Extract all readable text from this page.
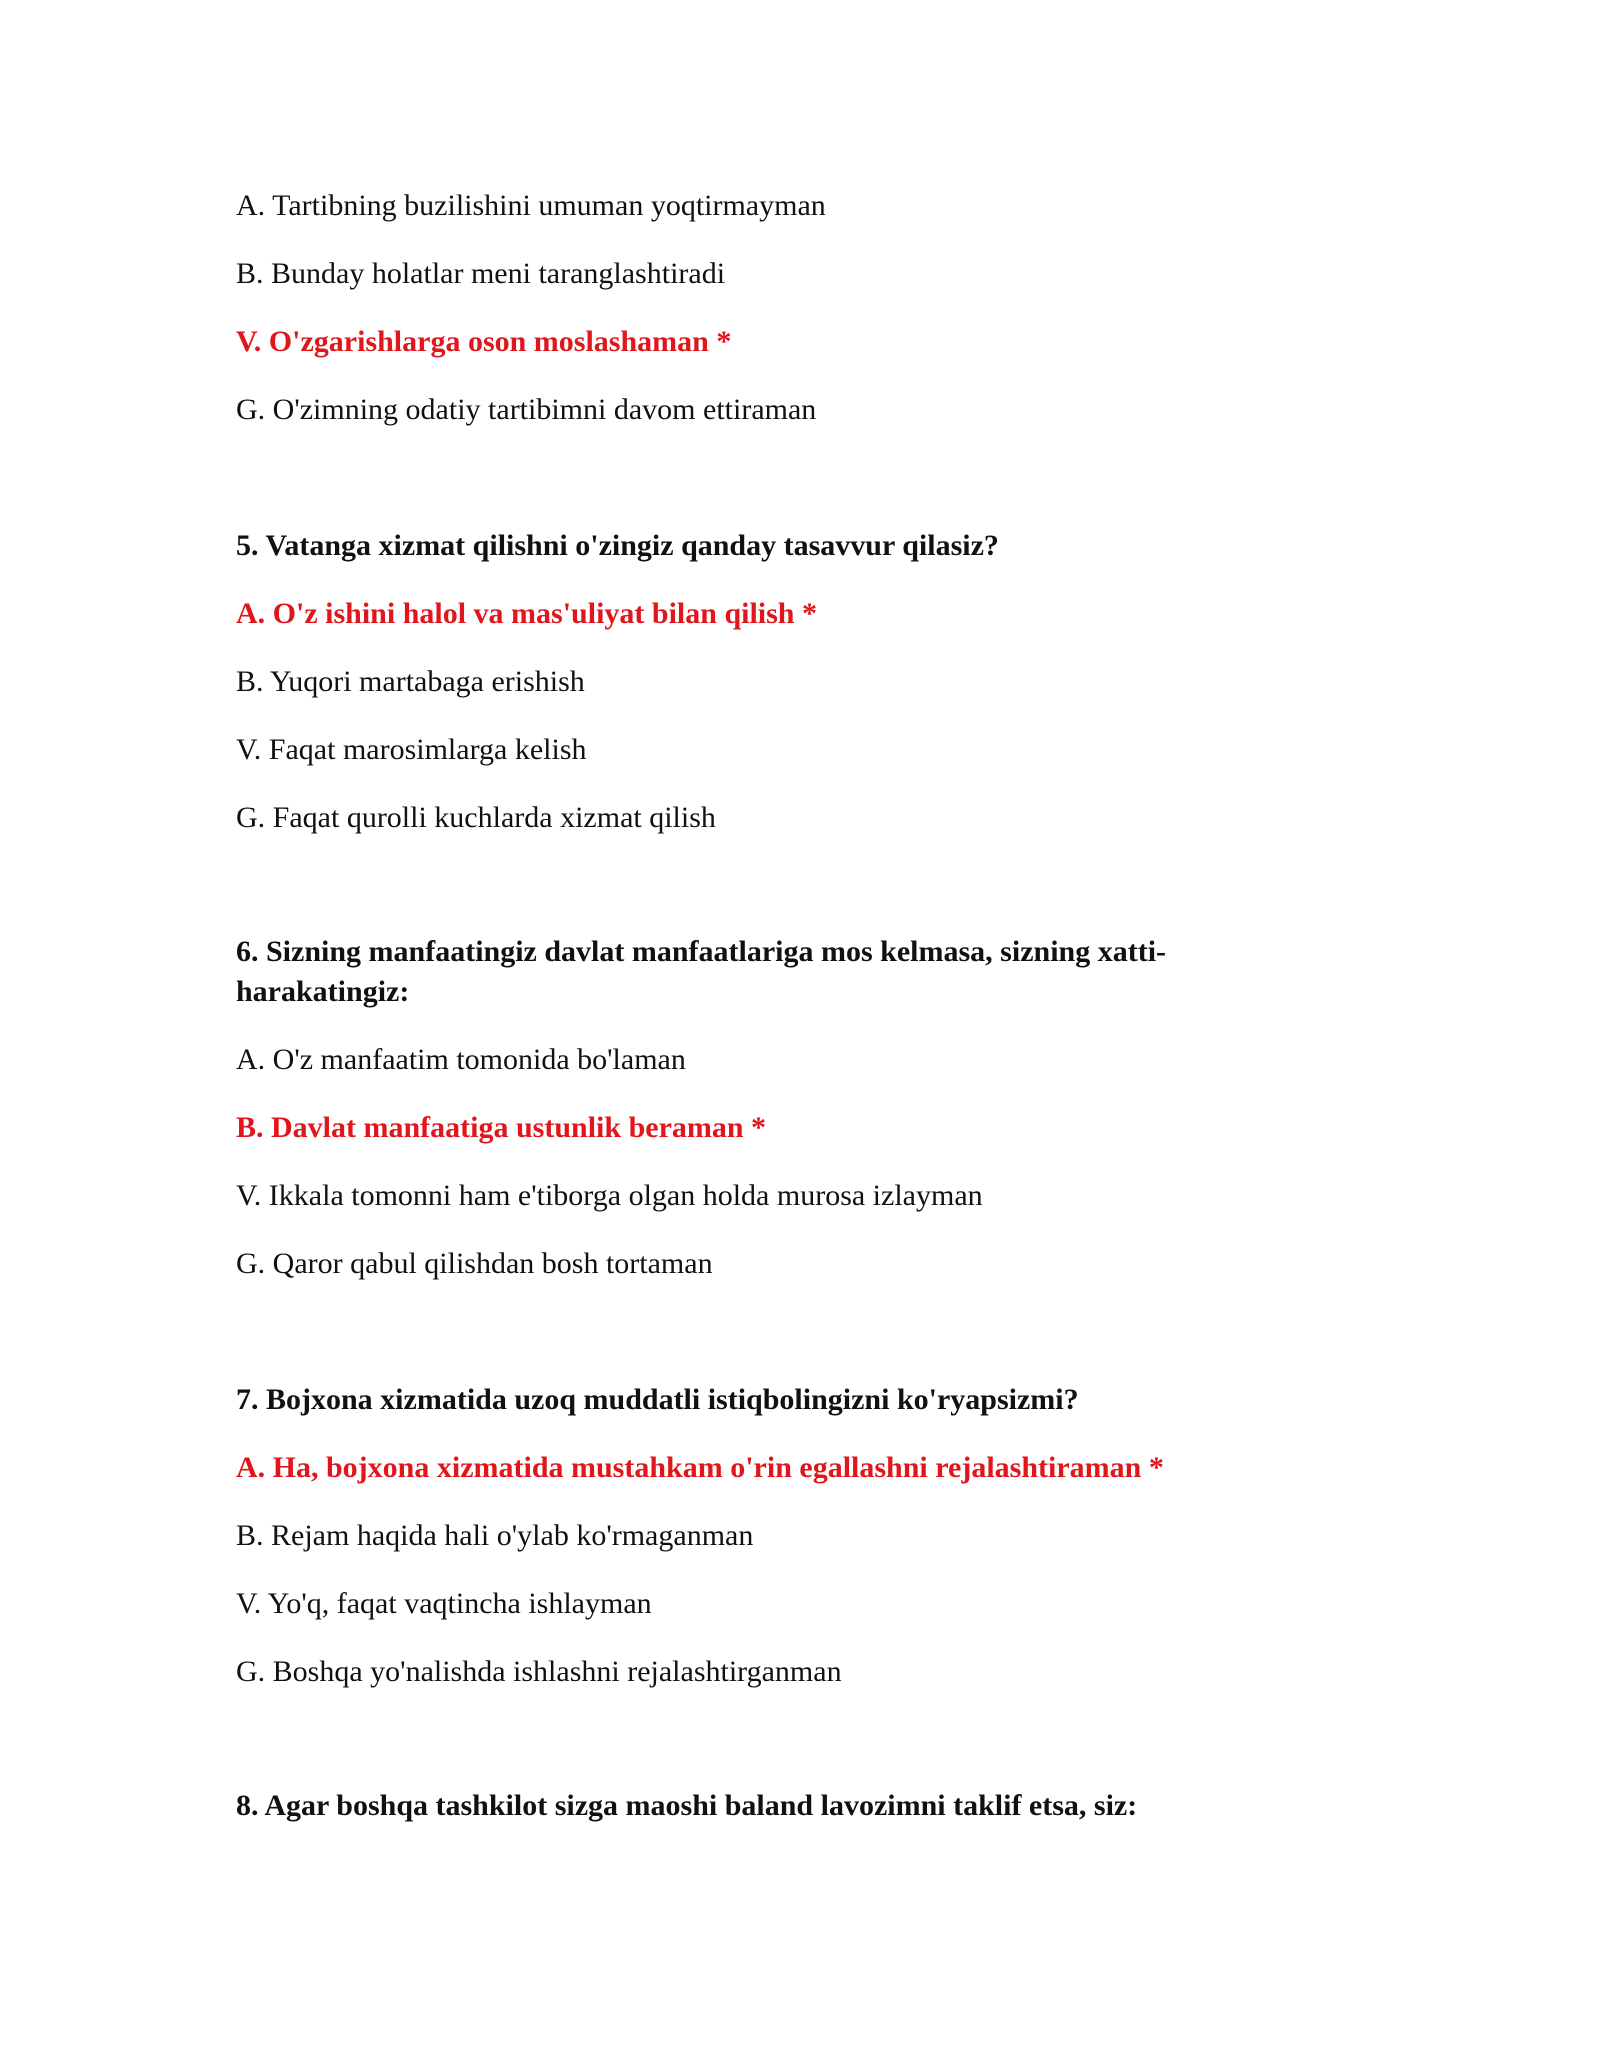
A. Tartibning buzilishini umuman yoqtirmayman

B. Bunday holatlar meni taranglashtiradi

V. O'zgarishlarga oson moslashaman *

G. O'zimning odatiy tartibimni davom ettiraman

5. Vatanga xizmat qilishni o'zingiz qanday tasavvur qilasiz?

A. O'z ishini halol va mas'uliyat bilan qilish *

B. Yuqori martabaga erishish

V. Faqat marosimlarga kelish

G. Faqat qurolli kuchlarda xizmat qilish

6. Sizning manfaatingiz davlat manfaatlariga mos kelmasa, sizning xatti-harakatingiz:

A. O'z manfaatim tomonida bo'laman

B. Davlat manfaatiga ustunlik beraman *

V. Ikkala tomonni ham e'tiborga olgan holda murosa izlayman

G. Qaror qabul qilishdan bosh tortaman

7. Bojxona xizmatida uzoq muddatli istiqbolingizni ko'ryapsizmi?

A. Ha, bojxona xizmatida mustahkam o'rin egallashni rejalashtiraman *

B. Rejam haqida hali o'ylab ko'rmaganman

V. Yo'q, faqat vaqtincha ishlayman

G. Boshqa yo'nalishda ishlashni rejalashtirganman

8. Agar boshqa tashkilot sizga maoshi baland lavozimni taklif etsa, siz:
